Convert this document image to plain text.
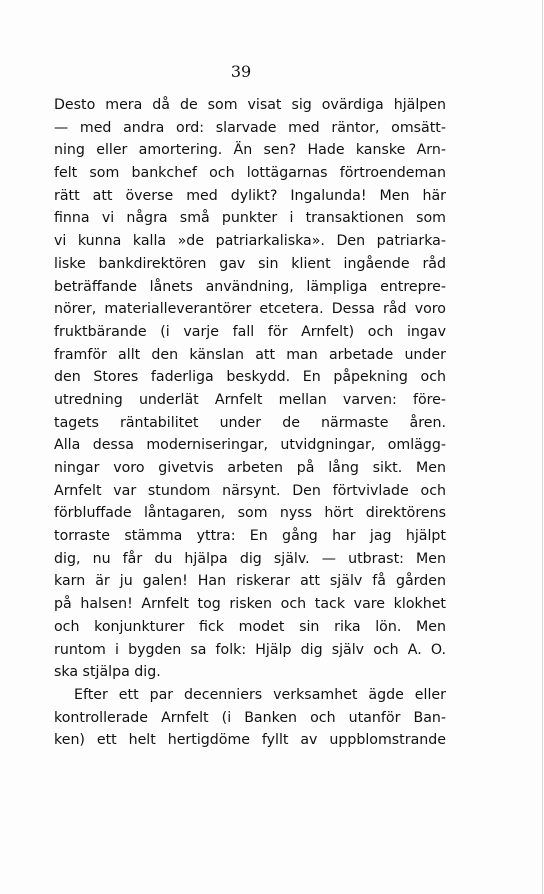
39
Desto mera då de som visat sig ovärdiga hjälpen
— med andra ord: slarvade med räntor, omsätt-
ning eller amortering. Än sen? Hade kanske Arn-
felt som bankchef och lottägarnas förtroendeman
rätt att överse med dylikt? Ingalunda! Men här
finna vi några små punkter i transaktionen som
vi kunna kalla »de patriarkaliska». Den patriarka-
liske bankdirektören gav sin klient ingående råd
beträffande lånets användning, lämpliga entrepre-
nörer, materialleverantörer etcetera. Dessa råd voro
fruktbärande (i varje fall för Arnfelt) och ingav
framför allt den känslan att man arbetade under
den Stores faderliga beskydd. En påpekning och
utredning underlät Arnfelt mellan varven: före-
tagets räntabilitet under de närmaste åren.
Alla dessa moderniseringar, utvidgningar, omlägg-
ningar voro givetvis arbeten på lång sikt. Men
Arnfelt var stundom närsynt. Den förtvivlade och
förbluffade låntagaren, som nyss hört direktörens
torraste stämma yttra: En gång har jag hjälpt
dig, nu får du hjälpa dig själv. — utbrast: Men
karn är ju galen! Han riskerar att själv få gården
på halsen! Arnfelt tog risken och tack vare klokhet
och konjunkturer fick modet sin rika lön. Men
runtom i bygden sa folk: Hjälp dig själv och A. O.
ska stjälpa dig.
Efter ett par decenniers verksamhet ägde eller
kontrollerade Arnfelt (i Banken och utanför Ban-
ken) ett helt hertigdöme fyllt av uppblomstrande
